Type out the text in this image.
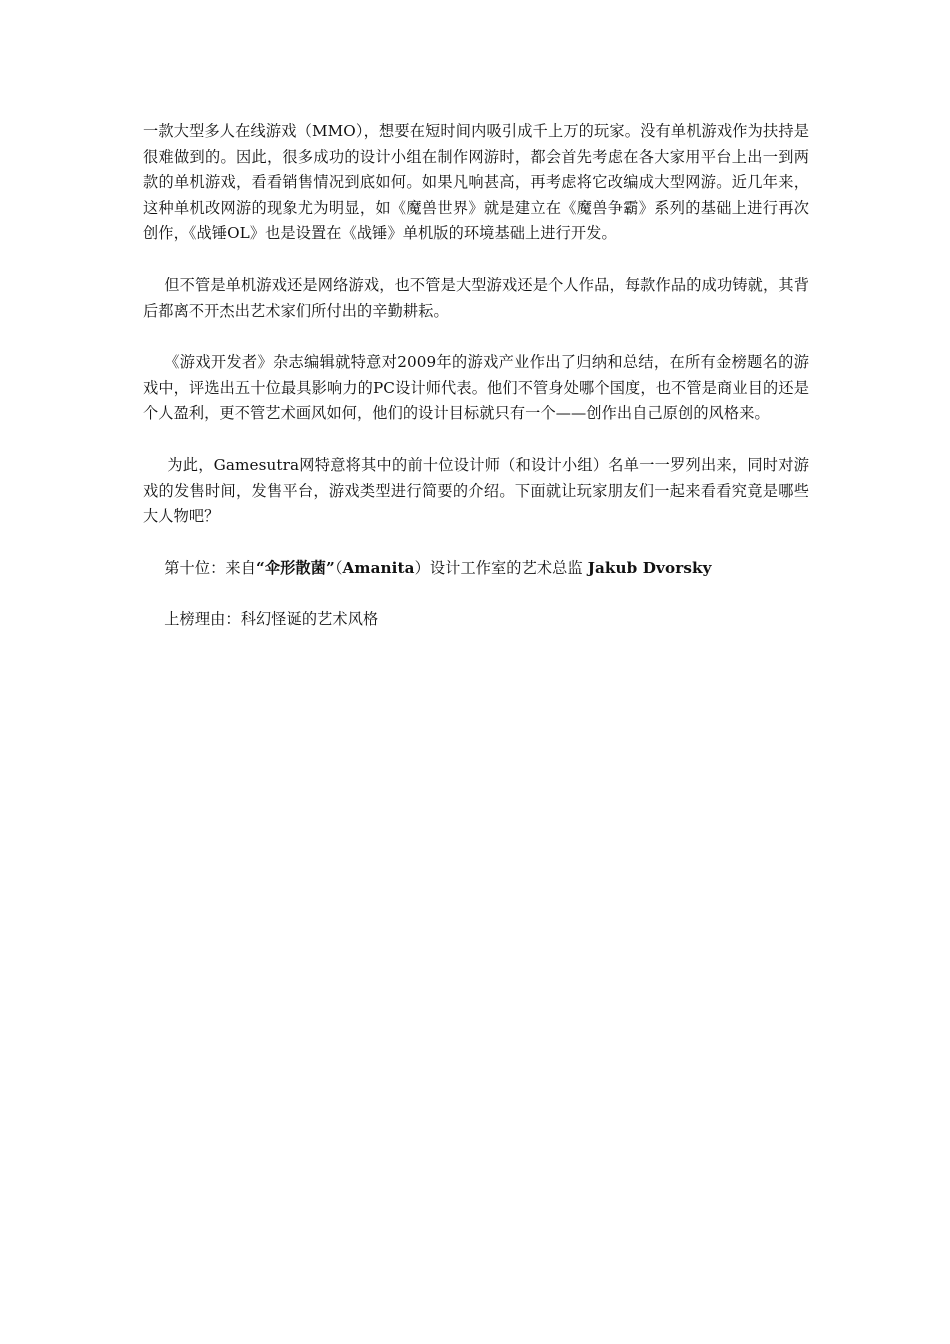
一款大型多人在线游戏（MMO），想要在短时间内吸引成千上万的玩家。没有单机游戏作为扶持是很难做到的。因此，很多成功的设计小组在制作网游时，都会首先考虑在各大家用平台上出一到两款的单机游戏，看看销售情况到底如何。如果凡响甚高，再考虑将它改编成大型网游。近几年来，这种单机改网游的现象尤为明显，如《魔兽世界》就是建立在《魔兽争霸》系列的基础上进行再次创作，《战锤OL》也是设置在《战锤》单机版的环境基础上进行开发。

但不管是单机游戏还是网络游戏，也不管是大型游戏还是个人作品，每款作品的成功铸就，其背后都离不开杰出艺术家们所付出的辛勤耕耘。

《游戏开发者》杂志编辑就特意对2009年的游戏产业作出了归纳和总结，在所有金榜题名的游戏中，评选出五十位最具影响力的PC设计师代表。他们不管身处哪个国度，也不管是商业目的还是个人盈利，更不管艺术画风如何，他们的设计目标就只有一个——创作出自己原创的风格来。

为此，Gamesutra网特意将其中的前十位设计师（和设计小组）名单一一罗列出来，同时对游戏的发售时间，发售平台，游戏类型进行简要的介绍。下面就让玩家朋友们一起来看看究竟是哪些大人物吧？

第十位：来自“伞形散菌”（Amanita）设计工作室的艺术总监 Jakub Dvorsky

上榜理由：科幻怪诞的艺术风格
